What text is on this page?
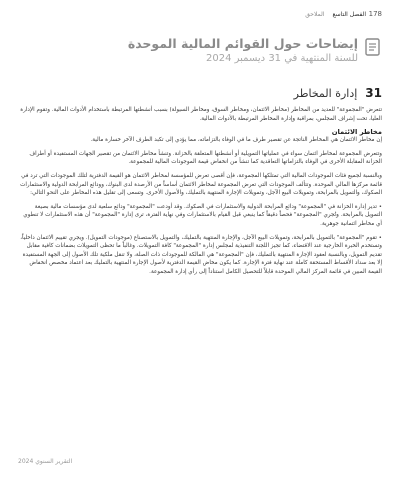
178
الفصل التاسع الملاحق
إيضاحات حول القوائم المالية الموحدة
للسنة المنتهية في 31 ديسمبر 2024
31
إدارة المخاطر

تتعرض "المجموعة" للعديد من المخاطر (مخاطر الائتمان، ومخاطر السوق، ومخاطر السيولة) بسبب أنشطتها المرتبطة باستخدام الأدوات المالية. وتقوم الإدارة العليا، تحت إشراف المجلس، بمراقبة وإدارة المخاطر المرتبطة بالأدوات المالية.

مخاطر الائتمان

إن مخاطر الائتمان هي المخاطر الناتجة عن تقصير طرف ما في الوفاء بالتزاماته، مما يؤدي إلى تكبد الطرف الآخر خسارة مالية.

وتتعرض المجموعة لمخاطر ائتمان سواء في عملياتها التمويلية أو أنشطتها المتعلقة بالخزانة. وتنشأ مخاطر الائتمان من تقصير الجهات المستفيدة أو أطراف الخزانة المقابلة الأخرى في الوفاء بالتزاماتها التعاقدية كما تنشأ من انخفاض قيمة الموجودات المالية للمجموعة.

وبالنسبة لجميع فئات الموجودات المالية التي تمتلكها المجموعة، فإن أقصى تعرض للمؤسسة لمخاطر الائتمان هو القيمة الدفترية لتلك الموجودات التي ترد في قائمة مركزها المالي الموحدة. وتتألف الموجودات التي تعرض المجموعة لمخاطر الائتمان أساساً من الأرصدة لدى البنوك، وودائع المرابحة الدولية والاستثمارات الصكوك، والتمويل بالمرابحة، وتمويلات البيع الآجل، وتمويلات الإجارة المنتهية بالتمليك، والأصول الأخرى. وتسعى إلى تقليل هذه المخاطر على النحو التالي:

• تدير إدارة الخزانة في "المجموعة" ودائع المرابحة الدولية والاستثمارات في الصكوك. وقد أودعت "المجموعة" ودائع سلعية لدى مؤسسات مالية بصيغة التمويل بالمرابحة. وتُجري "المجموعة" فحصاً دقيقاً كما ينبغي قبل القيام بالاستثمارات وفي نهاية الفترة، ترى إدارة "المجموعة" أن هذه الاستثمارات لا تنطوي أي مخاطر ائتمانية جوهرية.

• تقوم "المجموعة" بالتمويل بالمرابحة، وتمويلات البيع الآجل، والإجارة المنتهية بالتمليك، والتمويل بالاستصناع (موجودات التمويل). ويجري تقييم الائتمان داخلياً، وتستخدم الخبرة الخارجية عند الاقتضاء، كما تجيز اللجنة التنفيذية لمجلس إدارة "المجموعة" كافة التمويلات. وغالباً ما تحظى التمويلات بضمانات كافية مقابل تقديم التمويل، وبالنسبة لعقود الإجارة المنتهية بالتمليك، فإن "المجموعة" هي المالكة للموجودات ذات الصلة، ولا تنقل ملكية تلك الأصول إلى الجهة المستفيدة إلا بعد سداد الأقساط المستحقة كاملة عند نهاية فترة الإجارة. كما يكون مخاض القيمة الدفترية لأصول الإجارة المنتهية بالتمليك بعد اعتماد مخصص انخفاض القيمة المبين في قائمة المركز المالي الموحدة قابلاً للتحصيل الكامل استناداً إلى رأي إدارة المجموعة.

التقرير السنوي 2024
